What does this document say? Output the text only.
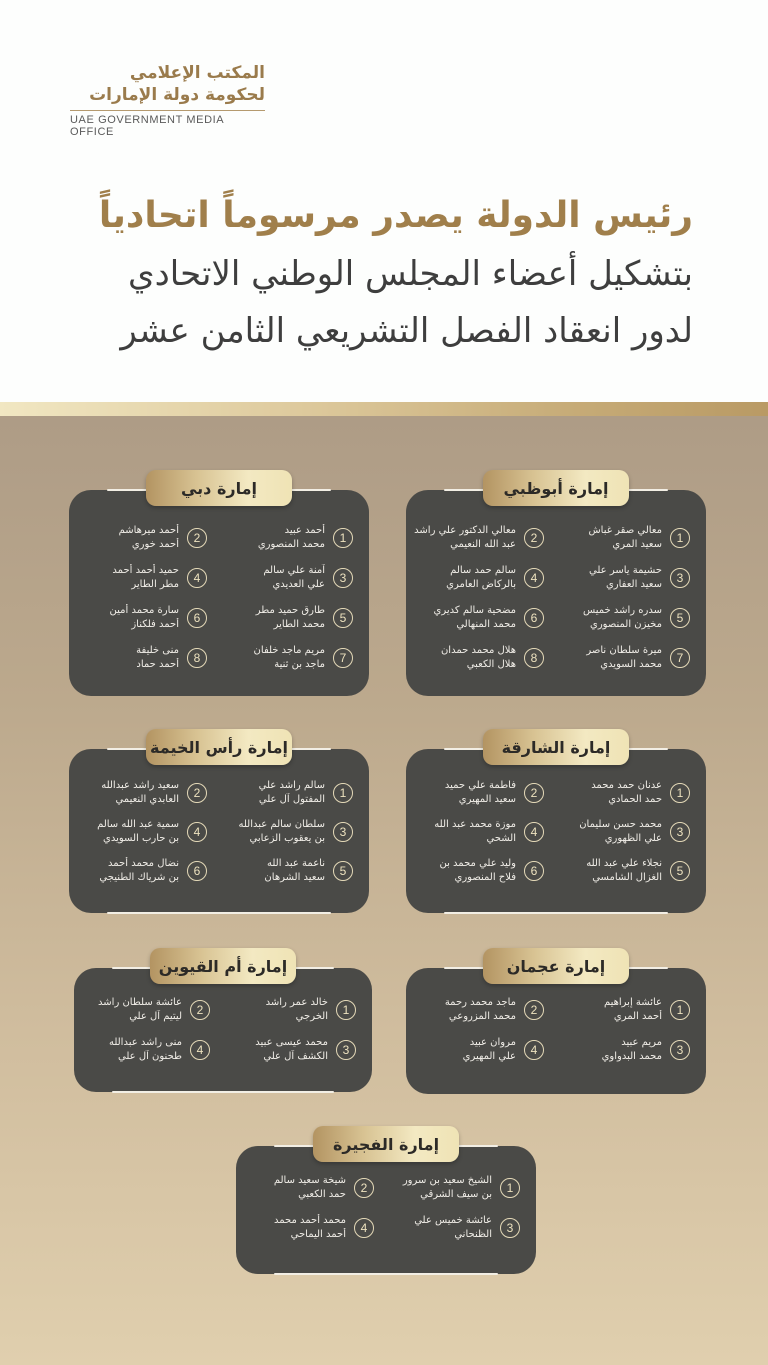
المكتب الإعلامي
لحكومة دولة الإمارات
UAE GOVERNMENT MEDIA OFFICE
رئيس الدولة يصدر مرسوماً اتحادياً
بتشكيل أعضاء المجلس الوطني الاتحادي
لدور انعقاد الفصل التشريعي الثامن عشر
إمارة أبوظبي
1
معالي صقر غباش
سعيد المري
2
معالي الدكتور علي راشد
عبد الله النعيمي
3
حشيمة ياسر علي
سعيد العفاري
4
سالم حمد سالم
بالركاض العامري
5
سدره راشد خميس
مخيزن المنصوري
6
مضحية سالم كديري
محمد المنهالي
7
ميرة سلطان ناصر
محمد السويدي
8
هلال محمد حمدان
هلال الكعبي
إمارة دبي
1
أحمد عبيد
محمد المنصوري
2
أحمد ميرهاشم
أحمد خوري
3
آمنة علي سالم
علي العديدي
4
حميد أحمد أحمد
مطر الطاير
5
طارق حميد مطر
محمد الطاير
6
سارة محمد أمين
أحمد فلكناز
7
مريم ماجد خلفان
ماجد بن ثنية
8
منى خليفة
أحمد حماد
إمارة الشارقة
1
عدنان حمد محمد
حمد الحمادي
2
فاطمة علي حميد
سعيد المهيري
3
محمد حسن سليمان
علي الظهوري
4
موزة محمد عبد الله
الشحي
5
نجلاء علي عبد الله
الغزال الشامسي
6
وليد علي محمد بن
فلاح المنصوري
إمارة رأس الخيمة
1
سالم راشد علي
المفتول آل علي
2
سعيد راشد عبدالله
العابدي النعيمي
3
سلطان سالم عبدالله
بن يعقوب الزعابي
4
سمية عبد الله سالم
بن حارب السويدي
5
ناعمة عبد الله
سعيد الشرهان
6
نضال محمد أحمد
بن شرياك الطنيجي
إمارة عجمان
1
عائشة إبراهيم
أحمد المري
2
ماجد محمد رحمة
محمد المزروعي
3
مريم عبيد
محمد البدواوي
4
مروان عبيد
علي المهيري
إمارة أم القيوين
1
خالد عمر راشد
الخرجي
2
عائشة سلطان راشد
ليتيم آل علي
3
محمد عيسى عبيد
الكشف آل علي
4
منى راشد عبدالله
طحنون آل علي
إمارة الفجيرة
1
الشيخ سعيد بن سرور
بن سيف الشرقي
2
شيخة سعيد سالم
حمد الكعبي
3
عائشة خميس علي
الظنحاني
4
محمد أحمد محمد
أحمد اليماحي
